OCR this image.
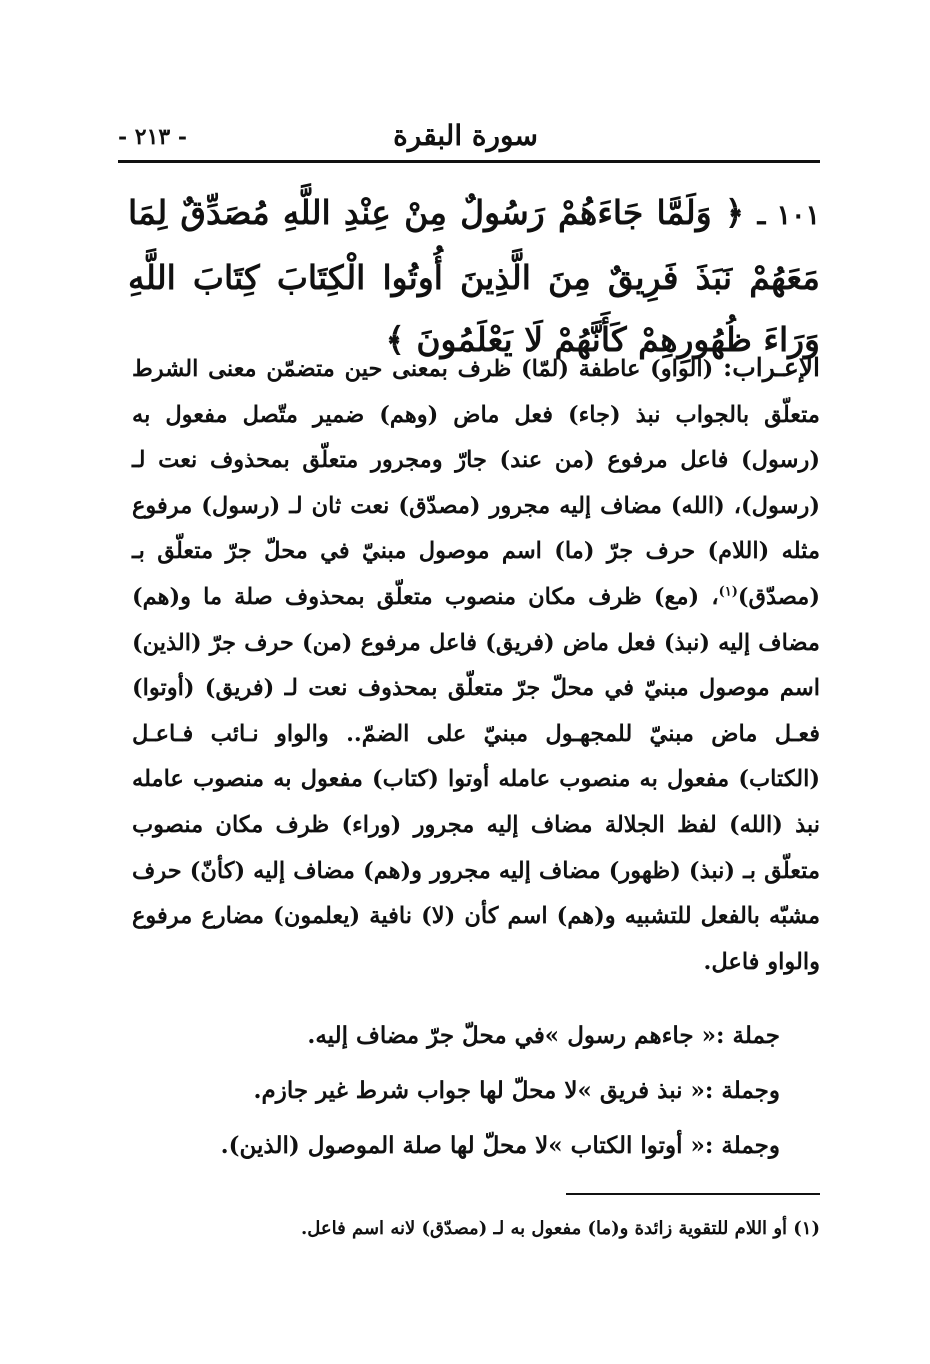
سورة البقرة
- ٢١٣ -
١٠١ ـ ﴿ وَلَمَّا جَاءَهُمْ رَسُولٌ مِنْ عِنْدِ اللَّهِ مُصَدِّقٌ لِمَا مَعَهُمْ نَبَذَ فَرِيقٌ مِنَ الَّذِينَ أُوتُوا الْكِتَابَ كِتَابَ اللَّهِ وَرَاءَ ظُهُورِهِمْ كَأَنَّهُمْ لَا يَعْلَمُونَ ﴾
الإعـراب: (الواو) عاطفة (لمّا) ظرف بمعنى حين متضمّن معنى الشرط متعلّق بالجواب نبذ (جاء) فعل ماض (وهم) ضمير متّصل مفعول به (رسول) فاعل مرفوع (من عند) جارّ ومجرور متعلّق بمحذوف نعت لـ (رسول)، (الله) مضاف إليه مجرور (مصدّق) نعت ثان لـ (رسول) مرفوع مثله (اللام) حرف جرّ (ما) اسم موصول مبنيّ في محلّ جرّ متعلّق بـ (مصدّق)$^{(١)}$، (مع) ظرف مكان منصوب متعلّق بمحذوف صلة ما و(هم) مضاف إليه (نبذ) فعل ماض (فريق) فاعل مرفوع (من) حرف جرّ (الذين) اسم موصول مبنيّ في محلّ جرّ متعلّق بمحذوف نعت لـ (فريق) (أوتوا) فعـل ماض مبنيّ للمجهـول مبنيّ على الضمّ.. والواو نـائب فـاعـل (الكتاب) مفعول به منصوب عامله أوتوا (كتاب) مفعول به منصوب عامله نبذ (الله) لفظ الجلالة مضاف إليه مجرور (وراء) ظرف مكان منصوب متعلّق بـ (نبذ) (ظهور) مضاف إليه مجرور و(هم) مضاف إليه (كأنّ) حرف مشبّه بالفعل للتشبيه و(هم) اسم كأن (لا) نافية (يعلمون) مضارع مرفوع والواو فاعل.
جملة :« جاءهم رسول »في محلّ جرّ مضاف إليه.
وجملة :« نبذ فريق »لا محلّ لها جواب شرط غير جازم.
وجملة :« أوتوا الكتاب »لا محلّ لها صلة الموصول (الذين).
(١) أو اللام للتقوية زائدة و(ما) مفعول به لـ (مصدّق) لانه اسم فاعل.
